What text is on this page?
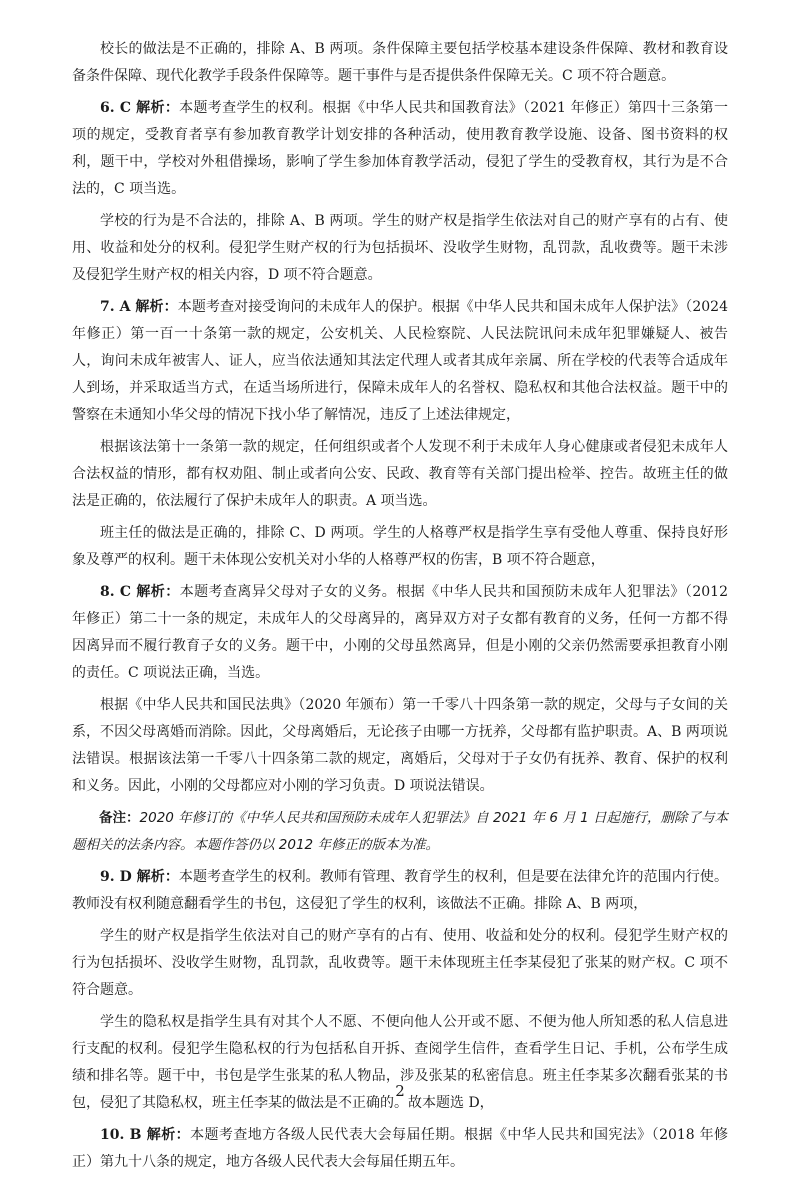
校长的做法是不正确的，排除 A、B 两项。条件保障主要包括学校基本建设条件保障、教材和教育设备条件保障、现代化教学手段条件保障等。题干事件与是否提供条件保障无关。C 项不符合题意。

6. C 解析：本题考查学生的权利。根据《中华人民共和国教育法》（2021 年修正）第四十三条第一项的规定，受教育者享有参加教育教学计划安排的各种活动，使用教育教学设施、设备、图书资料的权利，题干中，学校对外租借操场，影响了学生参加体育教学活动，侵犯了学生的受教育权，其行为是不合法的，C 项当选。

学校的行为是不合法的，排除 A、B 两项。学生的财产权是指学生依法对自己的财产享有的占有、使用、收益和处分的权利。侵犯学生财产权的行为包括损坏、没收学生财物，乱罚款，乱收费等。题干未涉及侵犯学生财产权的相关内容，D 项不符合题意。

7. A 解析：本题考查对接受询问的未成年人的保护。根据《中华人民共和国未成年人保护法》（2024 年修正）第一百一十条第一款的规定，公安机关、人民检察院、人民法院讯问未成年犯罪嫌疑人、被告人，询问未成年被害人、证人，应当依法通知其法定代理人或者其成年亲属、所在学校的代表等合适成年人到场，并采取适当方式，在适当场所进行，保障未成年人的名誉权、隐私权和其他合法权益。题干中的警察在未通知小华父母的情况下找小华了解情况，违反了上述法律规定，

根据该法第十一条第一款的规定，任何组织或者个人发现不利于未成年人身心健康或者侵犯未成年人合法权益的情形，都有权劝阻、制止或者向公安、民政、教育等有关部门提出检举、控告。故班主任的做法是正确的，依法履行了保护未成年人的职责。A 项当选。

班主任的做法是正确的，排除 C、D 两项。学生的人格尊严权是指学生享有受他人尊重、保持良好形象及尊严的权利。题干未体现公安机关对小华的人格尊严权的伤害，B 项不符合题意，

8. C 解析：本题考查离异父母对子女的义务。根据《中华人民共和国预防未成年人犯罪法》（2012 年修正）第二十一条的规定，未成年人的父母离异的，离异双方对子女都有教育的义务，任何一方都不得因离异而不履行教育子女的义务。题干中，小刚的父母虽然离异，但是小刚的父亲仍然需要承担教育小刚的责任。C 项说法正确，当选。

根据《中华人民共和国民法典》（2020 年颁布）第一千零八十四条第一款的规定，父母与子女间的关系，不因父母离婚而消除。因此，父母离婚后，无论孩子由哪一方抚养，父母都有监护职责。A、B 两项说法错误。根据该法第一千零八十四条第二款的规定，离婚后，父母对于子女仍有抚养、教育、保护的权利和义务。因此，小刚的父母都应对小刚的学习负责。D 项说法错误。

备注：2020 年修订的《中华人民共和国预防未成年人犯罪法》自 2021 年 6 月 1 日起施行，删除了与本题相关的法条内容。本题作答仍以 2012 年修正的版本为准。

9. D 解析：本题考查学生的权利。教师有管理、教育学生的权利，但是要在法律允许的范围内行使。教师没有权利随意翻看学生的书包，这侵犯了学生的权利，该做法不正确。排除 A、B 两项，

学生的财产权是指学生依法对自己的财产享有的占有、使用、收益和处分的权利。侵犯学生财产权的行为包括损坏、没收学生财物，乱罚款，乱收费等。题干未体现班主任李某侵犯了张某的财产权。C 项不符合题意。

学生的隐私权是指学生具有对其个人不愿、不便向他人公开或不愿、不便为他人所知悉的私人信息进行支配的权利。侵犯学生隐私权的行为包括私自开拆、查阅学生信件，查看学生日记、手机，公布学生成绩和排名等。题干中，书包是学生张某的私人物品，涉及张某的私密信息。班主任李某多次翻看张某的书包，侵犯了其隐私权，班主任李某的做法是不正确的。故本题选 D，

10. B 解析：本题考查地方各级人民代表大会每届任期。根据《中华人民共和国宪法》（2018 年修正）第九十八条的规定，地方各级人民代表大会每届任期五年。

2
